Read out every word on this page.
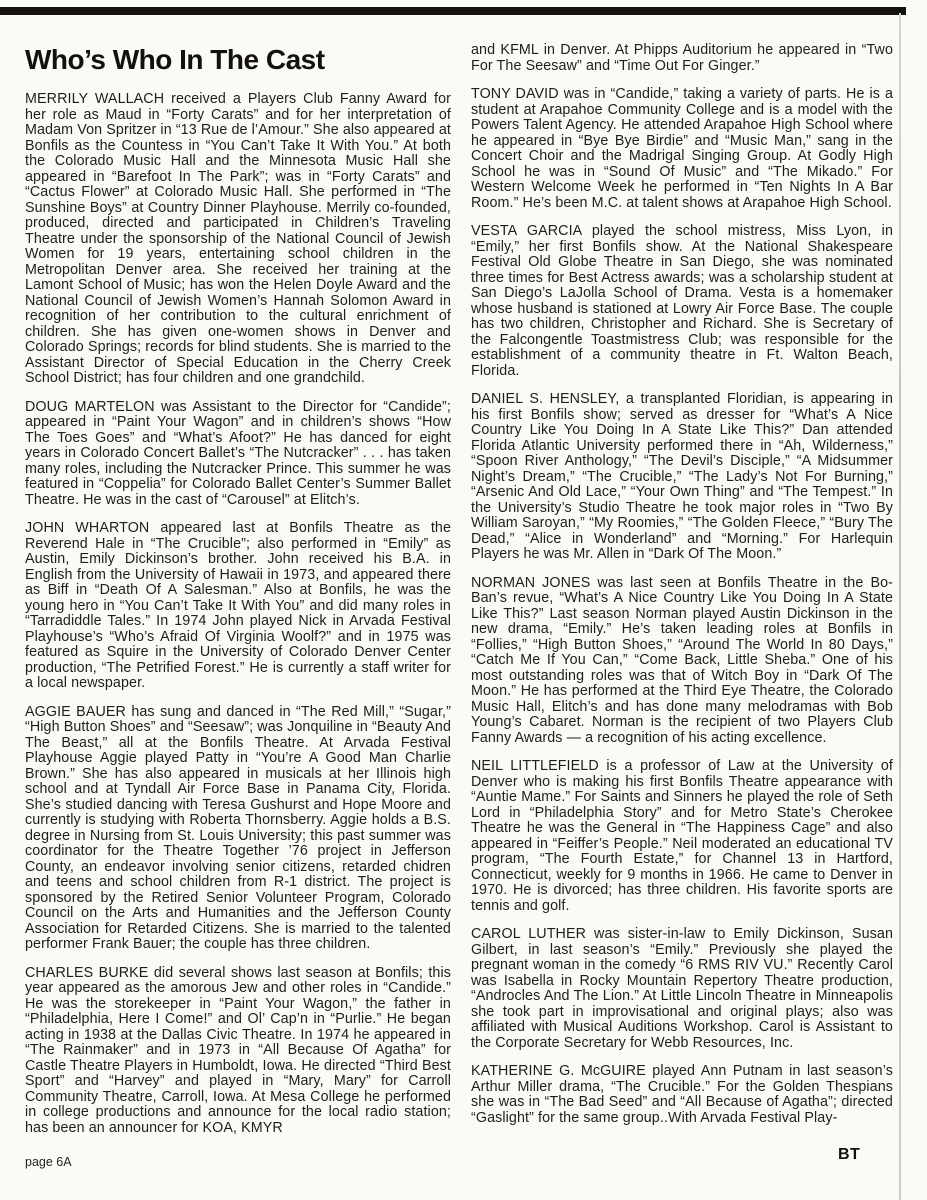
Who’s Who In The Cast

MERRILY WALLACH received a Players Club Fanny Award for her role as Maud in “Forty Carats” and for her interpretation of Madam Von Spritzer in “13 Rue de l’Amour.” She also appeared at Bonfils as the Countess in “You Can’t Take It With You.” At both the Colorado Music Hall and the Minnesota Music Hall she appeared in “Barefoot In The Park”; was in “Forty Carats” and “Cactus Flower” at Colorado Music Hall. She performed in “The Sunshine Boys” at Country Dinner Playhouse. Merrily co-founded, produced, directed and participated in Children’s Traveling Theatre under the sponsorship of the National Council of Jewish Women for 19 years, entertaining school children in the Metropolitan Denver area. She received her training at the Lamont School of Music; has won the Helen Doyle Award and the National Council of Jewish Women’s Hannah Solomon Award in recognition of her contribution to the cultural enrichment of children. She has given one-women shows in Denver and Colorado Springs; records for blind students. She is married to the Assistant Director of Special Education in the Cherry Creek School District; has four children and one grandchild.

DOUG MARTELON was Assistant to the Director for “Candide”; appeared in “Paint Your Wagon” and in children’s shows “How The Toes Goes” and “What’s Afoot?” He has danced for eight years in Colorado Concert Ballet’s “The Nutcracker” . . . has taken many roles, including the Nutcracker Prince. This summer he was featured in “Coppelia” for Colorado Ballet Center’s Summer Ballet Theatre. He was in the cast of “Carousel” at Elitch’s.

JOHN WHARTON appeared last at Bonfils Theatre as the Reverend Hale in “The Crucible”; also performed in “Emily” as Austin, Emily Dickinson’s brother. John received his B.A. in English from the University of Hawaii in 1973, and appeared there as Biff in “Death Of A Salesman.” Also at Bonfils, he was the young hero in “You Can’t Take It With You” and did many roles in “Tarradiddle Tales.” In 1974 John played Nick in Arvada Festival Playhouse’s “Who’s Afraid Of Virginia Woolf?” and in 1975 was featured as Squire in the University of Colorado Denver Center production, “The Petrified Forest.” He is currently a staff writer for a local newspaper.

AGGIE BAUER has sung and danced in “The Red Mill,” “Sugar,” “High Button Shoes” and “Seesaw”; was Jonquiline in “Beauty And The Beast,” all at the Bonfils Theatre. At Arvada Festival Playhouse Aggie played Patty in “You’re A Good Man Charlie Brown.” She has also appeared in musicals at her Illinois high school and at Tyndall Air Force Base in Panama City, Florida. She’s studied dancing with Teresa Gushurst and Hope Moore and currently is studying with Roberta Thornsberry. Aggie holds a B.S. degree in Nursing from St. Louis University; this past summer was coordinator for the Theatre Together ’76 project in Jefferson County, an endeavor involving senior citizens, retarded chidren and teens and school children from R-1 district. The project is sponsored by the Retired Senior Volunteer Program, Colorado Council on the Arts and Humanities and the Jefferson County Association for Retarded Citizens. She is married to the talented performer Frank Bauer; the couple has three children.

CHARLES BURKE did several shows last season at Bonfils; this year appeared as the amorous Jew and other roles in “Candide.” He was the storekeeper in “Paint Your Wagon,” the father in “Philadelphia, Here I Come!” and Ol’ Cap’n in “Purlie.” He began acting in 1938 at the Dallas Civic Theatre. In 1974 he appeared in “The Rainmaker” and in 1973 in “All Because Of Agatha” for Castle Theatre Players in Humboldt, Iowa. He directed “Third Best Sport” and “Harvey” and played in “Mary, Mary” for Carroll Community Theatre, Carroll, Iowa. At Mesa College he performed in college productions and announce for the local radio station; has been an announcer for KOA, KMYR

and KFML in Denver. At Phipps Auditorium he appeared in “Two For The Seesaw” and “Time Out For Ginger.”

TONY DAVID was in “Candide,” taking a variety of parts. He is a student at Arapahoe Community College and is a model with the Powers Talent Agency. He attended Arapahoe High School where he appeared in “Bye Bye Birdie” and “Music Man,” sang in the Concert Choir and the Madrigal Singing Group. At Godly High School he was in “Sound Of Music” and “The Mikado.” For Western Welcome Week he performed in “Ten Nights In A Bar Room.” He’s been M.C. at talent shows at Arapahoe High School.

VESTA GARCIA played the school mistress, Miss Lyon, in “Emily,” her first Bonfils show. At the National Shakespeare Festival Old Globe Theatre in San Diego, she was nominated three times for Best Actress awards; was a scholarship student at San Diego’s LaJolla School of Drama. Vesta is a homemaker whose husband is stationed at Lowry Air Force Base. The couple has two children, Christopher and Richard. She is Secretary of the Falcongentle Toastmistress Club; was responsible for the establishment of a community theatre in Ft. Walton Beach, Florida.

DANIEL S. HENSLEY, a transplanted Floridian, is appearing in his first Bonfils show; served as dresser for “What’s A Nice Country Like You Doing In A State Like This?” Dan attended Florida Atlantic University performed there in “Ah, Wilderness,” “Spoon River Anthology,” “The Devil’s Disciple,” “A Midsummer Night’s Dream,” “The Crucible,” “The Lady’s Not For Burning,” “Arsenic And Old Lace,” “Your Own Thing” and “The Tempest.” In the University’s Studio Theatre he took major roles in “Two By William Saroyan,” “My Roomies,” “The Golden Fleece,” “Bury The Dead,” “Alice in Wonderland” and “Morning.” For Harlequin Players he was Mr. Allen in “Dark Of The Moon.”

NORMAN JONES was last seen at Bonfils Theatre in the Bo-Ban’s revue, “What’s A Nice Country Like You Doing In A State Like This?” Last season Norman played Austin Dickinson in the new drama, “Emily.” He’s taken leading roles at Bonfils in “Follies,” “High Button Shoes,” “Around The World In 80 Days,” “Catch Me If You Can,” “Come Back, Little Sheba.” One of his most outstanding roles was that of Witch Boy in “Dark Of The Moon.” He has performed at the Third Eye Theatre, the Colorado Music Hall, Elitch’s and has done many melodramas with Bob Young’s Cabaret. Norman is the recipient of two Players Club Fanny Awards — a recognition of his acting excellence.

NEIL LITTLEFIELD is a professor of Law at the University of Denver who is making his first Bonfils Theatre appearance with “Auntie Mame.” For Saints and Sinners he played the role of Seth Lord in “Philadelphia Story” and for Metro State’s Cherokee Theatre he was the General in “The Happiness Cage” and also appeared in “Feiffer’s People.” Neil moderated an educational TV program, “The Fourth Estate,” for Channel 13 in Hartford, Connecticut, weekly for 9 months in 1966. He came to Denver in 1970. He is divorced; has three children. His favorite sports are tennis and golf.

CAROL LUTHER was sister-in-law to Emily Dickinson, Susan Gilbert, in last season’s “Emily.” Previously she played the pregnant woman in the comedy “6 RMS RIV VU.” Recently Carol was Isabella in Rocky Mountain Repertory Theatre production, “Androcles And The Lion.” At Little Lincoln Theatre in Minneapolis she took part in improvisational and original plays; also was affiliated with Musical Auditions Workshop. Carol is Assistant to the Corporate Secretary for Webb Resources, Inc.

KATHERINE G. McGUIRE played Ann Putnam in last season’s Arthur Miller drama, “The Crucible.” For the Golden Thespians she was in “The Bad Seed” and “All Because of Agatha”; directed “Gaslight” for the same group..With Arvada Festival Play-

page 6A	BT
